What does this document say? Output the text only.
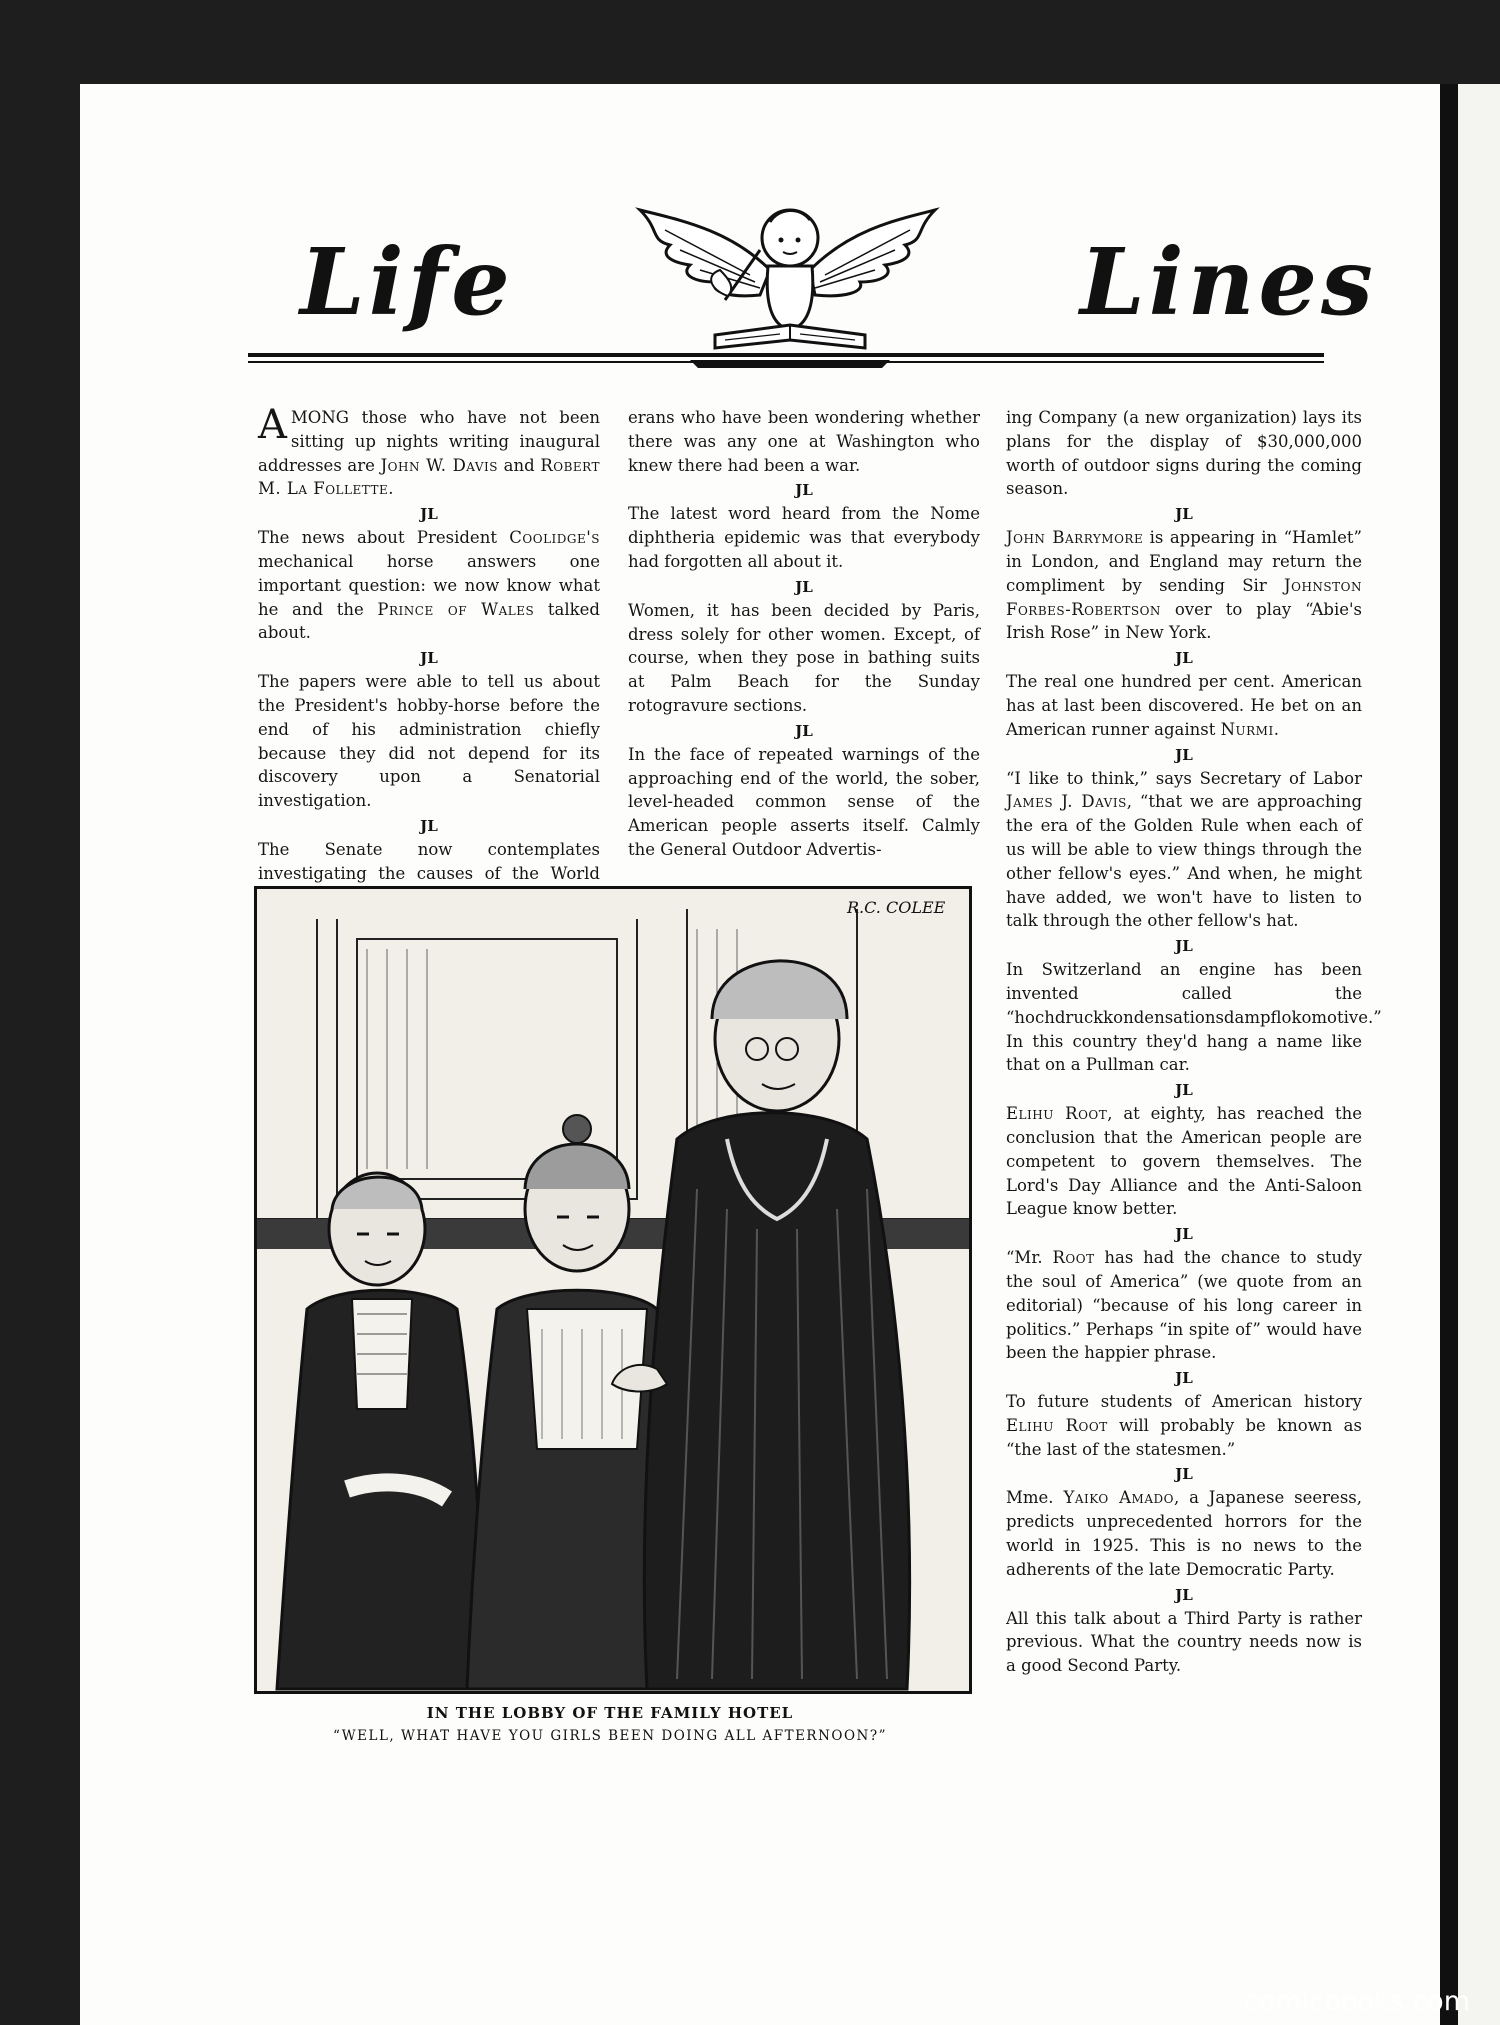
Life	Lines

AMONG those who have not been sitting up nights writing inaugural addresses are John W. Davis and Robert M. La Follette.

JL

The news about President Coolidge's mechanical horse answers one important question: we now know what he and the Prince of Wales talked about.

JL

The papers were able to tell us about the President's hobby-horse before the end of his administration chiefly because they did not depend for its discovery upon a Senatorial investigation.

JL

The Senate now contemplates investigating the causes of the World

erans who have been wondering whether there was any one at Washington who knew there had been a war.

JL

The latest word heard from the Nome diphtheria epidemic was that everybody had forgotten all about it.

JL

Women, it has been decided by Paris, dress solely for other women. Except, of course, when they pose in bathing suits at Palm Beach for the Sunday rotogravure sections.

JL

In the face of repeated warnings of the approaching end of the world, the sober, level-headed common sense of the American people asserts itself. Calmly the General Outdoor Advertis-

ing Company (a new organization) lays its plans for the display of $30,000,000 worth of outdoor signs during the coming season.

JL

John Barrymore is appearing in “Hamlet” in London, and England may return the compliment by sending Sir Johnston Forbes-Robertson over to play “Abie's Irish Rose” in New York.

JL

The real one hundred per cent. American has at last been discovered. He bet on an American runner against Nurmi.

JL

“I like to think,” says Secretary of Labor James J. Davis, “that we are approaching the era of the Golden Rule when each of us will be able to view things through the other fellow's eyes.” And when, he might have added, we won't have to listen to talk through the other fellow's hat.

JL

In Switzerland an engine has been invented called the “hochdruckkondensationsdampflokomotive.” In this country they'd hang a name like that on a Pullman car.

JL

Elihu Root, at eighty, has reached the conclusion that the American people are competent to govern themselves. The Lord's Day Alliance and the Anti-Saloon League know better.

JL

“Mr. Root has had the chance to study the soul of America” (we quote from an editorial) “because of his long career in politics.” Perhaps “in spite of” would have been the happier phrase.

JL

To future students of American history Elihu Root will probably be known as “the last of the statesmen.”

JL

Mme. Yaiko Amado, a Japanese seeress, predicts unprecedented horrors for the world in 1925. This is no news to the adherents of the late Democratic Party.

JL

All this talk about a Third Party is rather previous. What the country needs now is a good Second Party.

R.C. COLEE
IN THE LOBBY OF THE FAMILY HOTEL
“WELL, WHAT HAVE YOU GIRLS BEEN DOING ALL AFTERNOON?”
comicbooks.com
